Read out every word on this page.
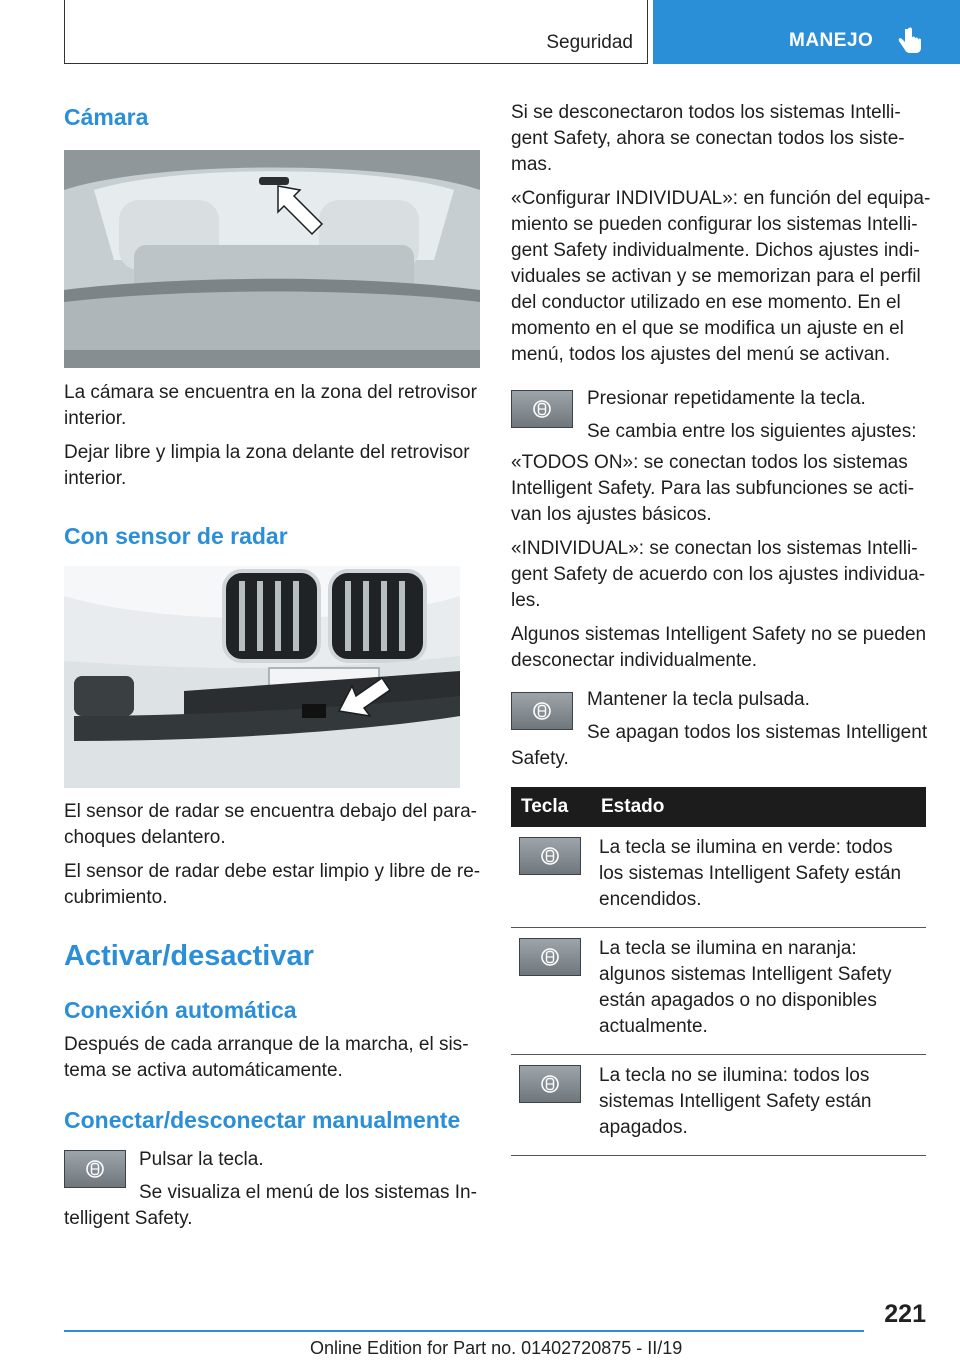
Seguridad	MANEJO
Cámara

La cámara se encuentra en la zona del retrovisor interior.

Dejar libre y limpia la zona delante del retrovisor interior.

Con sensor de radar

El sensor de radar se encuentra debajo del parachoques delantero.

El sensor de radar debe estar limpio y libre de recubrimiento.

Activar/desactivar
Conexión automática
Después de cada arranque de la marcha, el sistema se activa automáticamente.
Conectar/desconectar manualmente
Pulsar la tecla.
Se visualiza el menú de los sistemas Intelligent Safety.

Si se desconectaron todos los sistemas Intelligent Safety, ahora se conectan todos los sistemas.

«Configurar INDIVIDUAL»: en función del equipamiento se pueden configurar los sistemas Intelligent Safety individualmente. Dichos ajustes individuales se activan y se memorizan para el perfil del conductor utilizado en ese momento. En el momento en el que se modifica un ajuste en el menú, todos los ajustes del menú se activan.

Presionar repetidamente la tecla.
Se cambia entre los siguientes ajustes:

«TODOS ON»: se conectan todos los sistemas Intelligent Safety. Para las subfunciones se activan los ajustes básicos.

«INDIVIDUAL»: se conectan los sistemas Intelligent Safety de acuerdo con los ajustes individuales.

Algunos sistemas Intelligent Safety no se pueden desconectar individualmente.

Mantener la tecla pulsada.
Se apagan todos los sistemas Intelligent Safety.
Tecla	Estado

	La tecla se ilumina en verde: todos los sistemas Intelligent Safety están encendidos.

	La tecla se ilumina en naranja: algunos sistemas Intelligent Safety están apagados o no disponibles actualmente.

	La tecla no se ilumina: todos los sistemas Intelligent Safety están apagados.
221
Online Edition for Part no. 01402720875 - II/19
